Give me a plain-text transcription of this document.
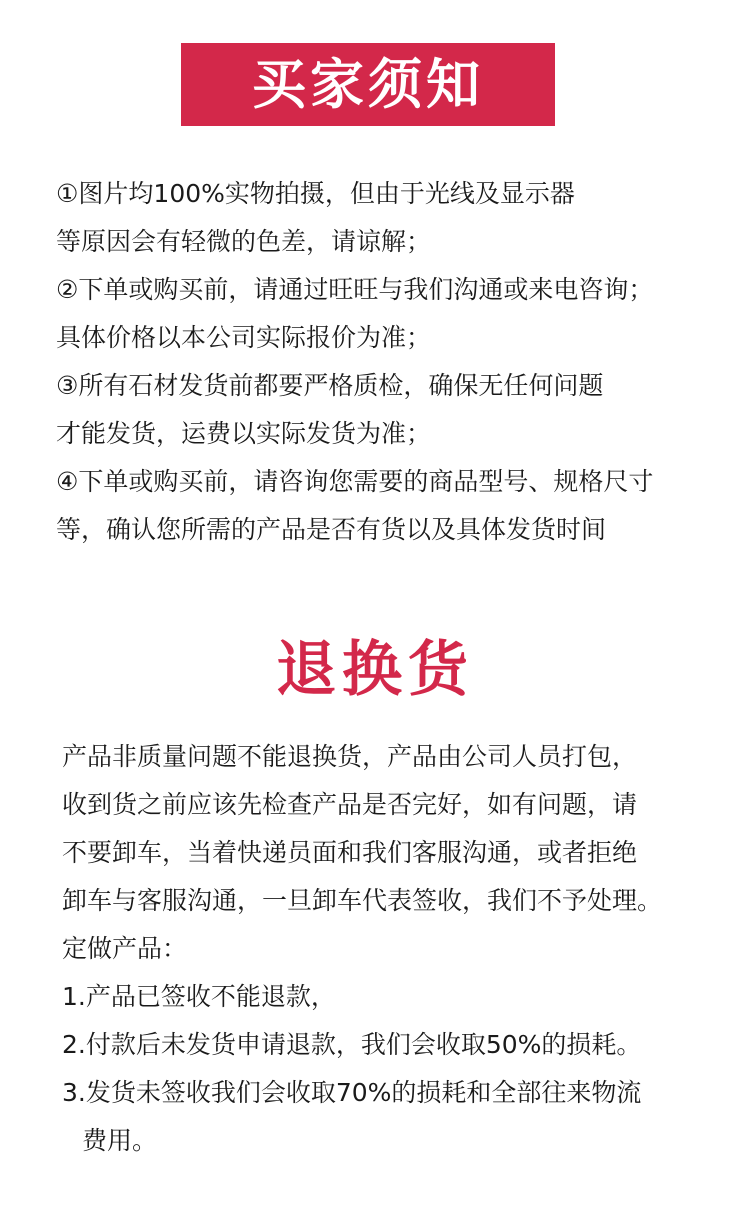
买家须知
①图片均100%实物拍摄，但由于光线及显示器
等原因会有轻微的色差，请谅解；
②下单或购买前，请通过旺旺与我们沟通或来电咨询；
具体价格以本公司实际报价为准；
③所有石材发货前都要严格质检，确保无任何问题
才能发货，运费以实际发货为准；
④下单或购买前，请咨询您需要的商品型号、规格尺寸
等，确认您所需的产品是否有货以及具体发货时间
退换货
产品非质量问题不能退换货，产品由公司人员打包，
收到货之前应该先检查产品是否完好，如有问题，请
不要卸车，当着快递员面和我们客服沟通，或者拒绝
卸车与客服沟通，一旦卸车代表签收，我们不予处理。
定做产品：
1.产品已签收不能退款，
2.付款后未发货申请退款，我们会收取50%的损耗。
3.发货未签收我们会收取70%的损耗和全部往来物流
费用。
